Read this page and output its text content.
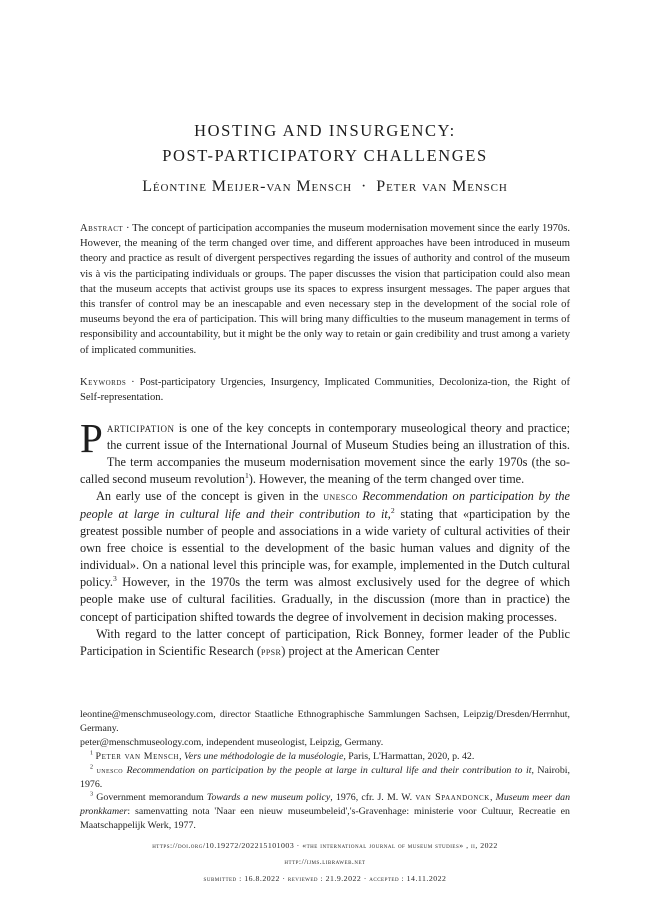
HOSTING AND INSURGENCY:
POST-PARTICIPATORY CHALLENGES
Léontine Meijer-van Mensch · Peter van Mensch
Abstract · The concept of participation accompanies the museum modernisation movement since the early 1970s. However, the meaning of the term changed over time, and different approaches have been introduced in museum theory and practice as result of divergent perspectives regarding the issues of authority and control of the museum vis à vis the participating individuals or groups. The paper discusses the vision that participation could also mean that the museum accepts that activist groups use its spaces to express insurgent messages. The paper argues that this transfer of control may be an inescapable and even necessary step in the development of the social role of museums beyond the era of participation. This will bring many difficulties to the museum management in terms of responsibility and accountability, but it might be the only way to retain or gain credibility and trust among a variety of implicated communities.
Keywords · Post-participatory Urgencies, Insurgency, Implicated Communities, Decoloniza-tion, the Right of Self-representation.

Participation is one of the key concepts in contemporary museological theory and practice; the current issue of the International Journal of Museum Studies being an illustration of this. The term accompanies the museum modernisation movement since the early 1970s (the so-called second museum revolution$^1$). However, the meaning of the term changed over time.

An early use of the concept is given in the unesco Recommendation on participation by the people at large in cultural life and their contribution to it,$^2$ stating that «participation by the greatest possible number of people and associations in a wide variety of cultural activities of their own free choice is essential to the development of the basic human values and dignity of the individual». On a national level this principle was, for example, implemented in the Dutch cultural policy.$^3$ However, in the 1970s the term was almost exclusively used for the degree of which people make use of cultural facilities. Gradually, in the discussion (more than in practice) the concept of participation shifted towards the degree of involvement in decision making processes.

With regard to the latter concept of participation, Rick Bonney, former leader of the Public Participation in Scientific Research (ppsr) project at the American Center

leontine@menschmuseology.com, director Staatliche Ethnographische Sammlungen Sachsen, Leipzig/Dresden/Herrnhut, Germany.

peter@menschmuseology.com, independent museologist, Leipzig, Germany.

$^1$ Peter van Mensch, Vers une méthodologie de la muséologie, Paris, L'Harmattan, 2020, p. 42.

$^2$ unesco Recommendation on participation by the people at large in cultural life and their contribution to it, Nairobi, 1976.

$^3$ Government memorandum Towards a new museum policy, 1976, cfr. J. M. W. van Spaandonck, Museum meer dan pronkkamer: samenvatting nota 'Naar een nieuw museumbeleid','s-Gravenhage: ministerie voor Cultuur, Recreatie en Maatschappelijk Werk, 1977.

https://doi.org/10.19272/202215101003 · «the international journal of museum studies» , ii, 2022
http://ijms.libraweb.net
submitted : 16.8.2022 · reviewed : 21.9.2022 · accepted : 14.11.2022
